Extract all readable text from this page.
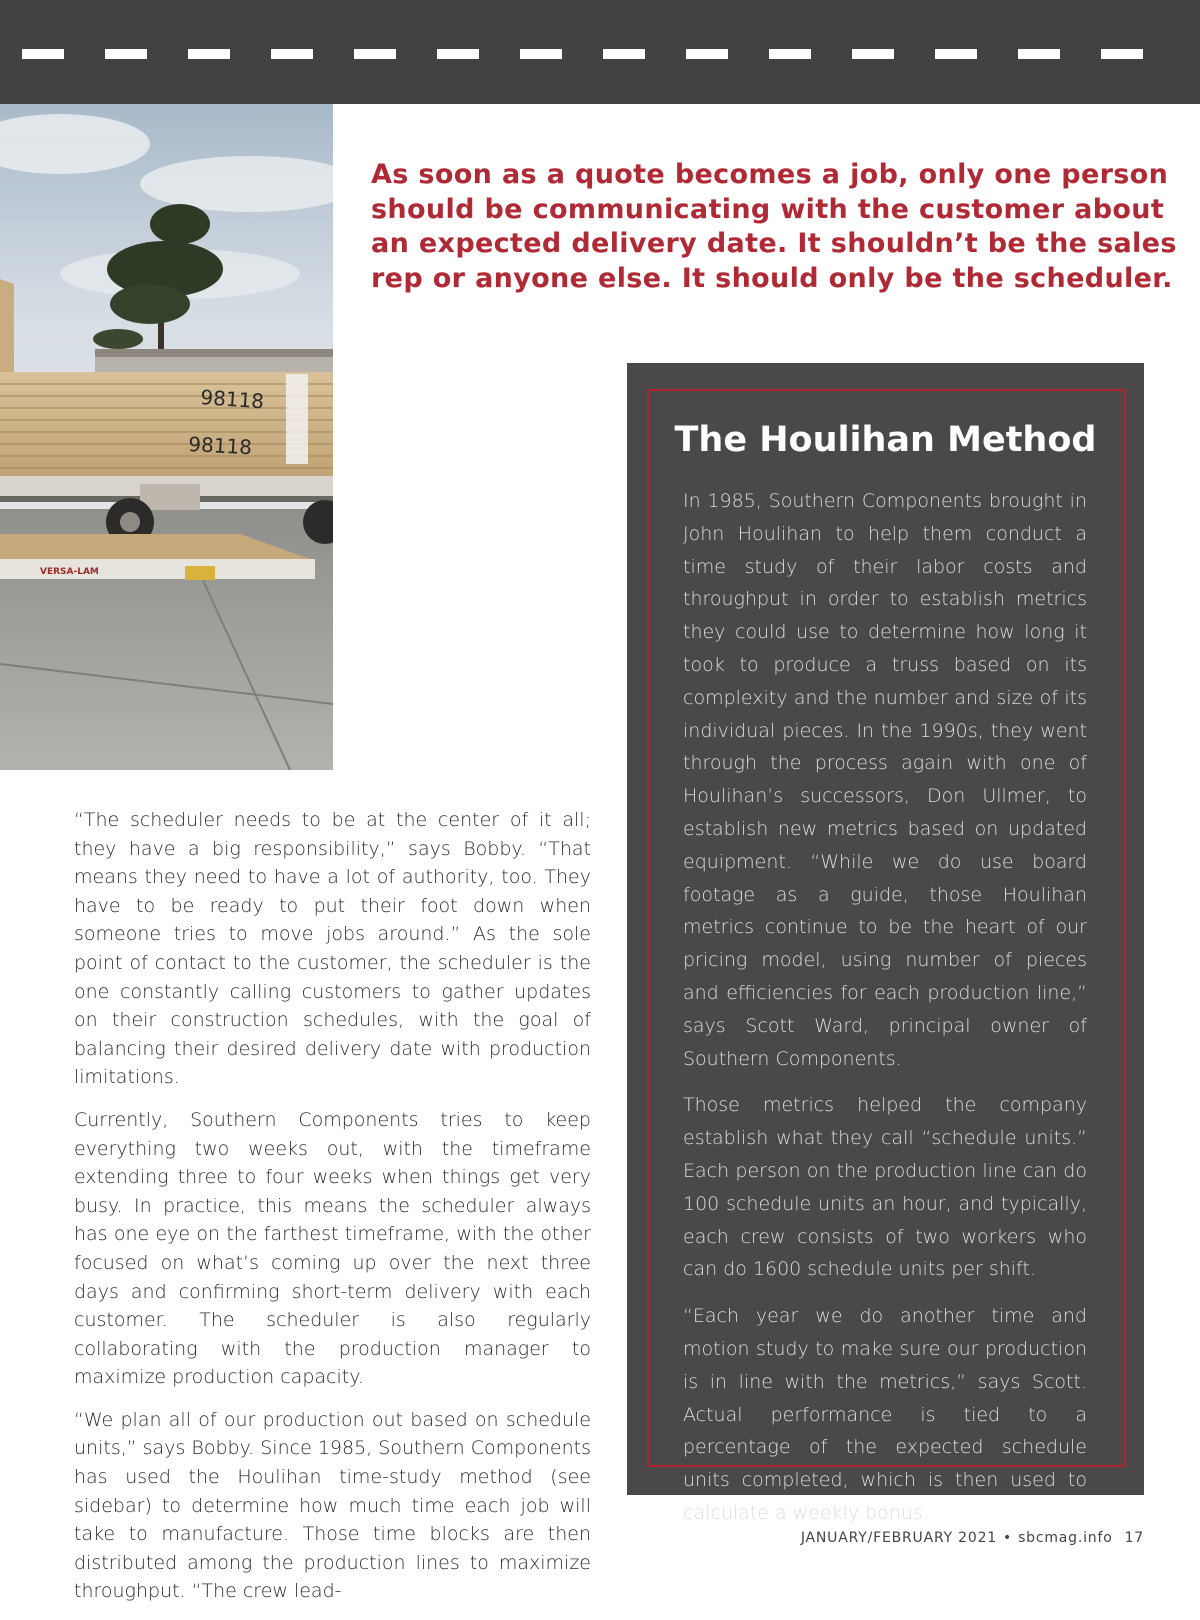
98118
98118
VERSA-LAM

As soon as a quote becomes a job, only one person

should be communicating with the customer about

an expected delivery date. It shouldn’t be the sales

rep or anyone else. It should only be the scheduler.

“The scheduler needs to be at the center of it all; they have a big responsibility,” says Bobby. “That means they need to have a lot of authority, too. They have to be ready to put their foot down when someone tries to move jobs around.” As the sole point of contact to the customer, the scheduler is the one constantly calling customers to gather updates on their construction schedules, with the goal of balancing their desired delivery date with production limitations.

Currently, Southern Components tries to keep everything two weeks out, with the timeframe extending three to four weeks when things get very busy. In practice, this means the scheduler always has one eye on the farthest timeframe, with the other focused on what’s coming up over the next three days and confirming short-term delivery with each customer. The scheduler is also regularly collaborating with the production manager to maximize production capacity.

“We plan all of our production out based on schedule units,” says Bobby. Since 1985, Southern Components has used the Houlihan time-study method (see sidebar) to determine how much time each job will take to manufacture. Those time blocks are then distributed among the production lines to maximize throughput. “The crew lead-

The Houlihan Method

In 1985, Southern Components brought in John Houlihan to help them conduct a time study of their labor costs and throughput in order to establish metrics they could use to determine how long it took to produce a truss based on its complexity and the number and size of its individual pieces. In the 1990s, they went through the process again with one of Houlihan’s successors, Don Ullmer, to establish new metrics based on updated equipment. “While we do use board footage as a guide, those Houlihan metrics continue to be the heart of our pricing model, using number of pieces and efficiencies for each production line,” says Scott Ward, principal owner of Southern Components.

Those metrics helped the company establish what they call “schedule units.” Each person on the production line can do 100 schedule units an hour, and typically, each crew consists of two workers who can do 1600 schedule units per shift.

“Each year we do another time and motion study to make sure our production is in line with the metrics,” says Scott. Actual performance is tied to a percentage of the expected schedule units completed, which is then used to calculate a weekly bonus.

JANUARY/FEBRUARY 2021 • sbcmag.info 17
